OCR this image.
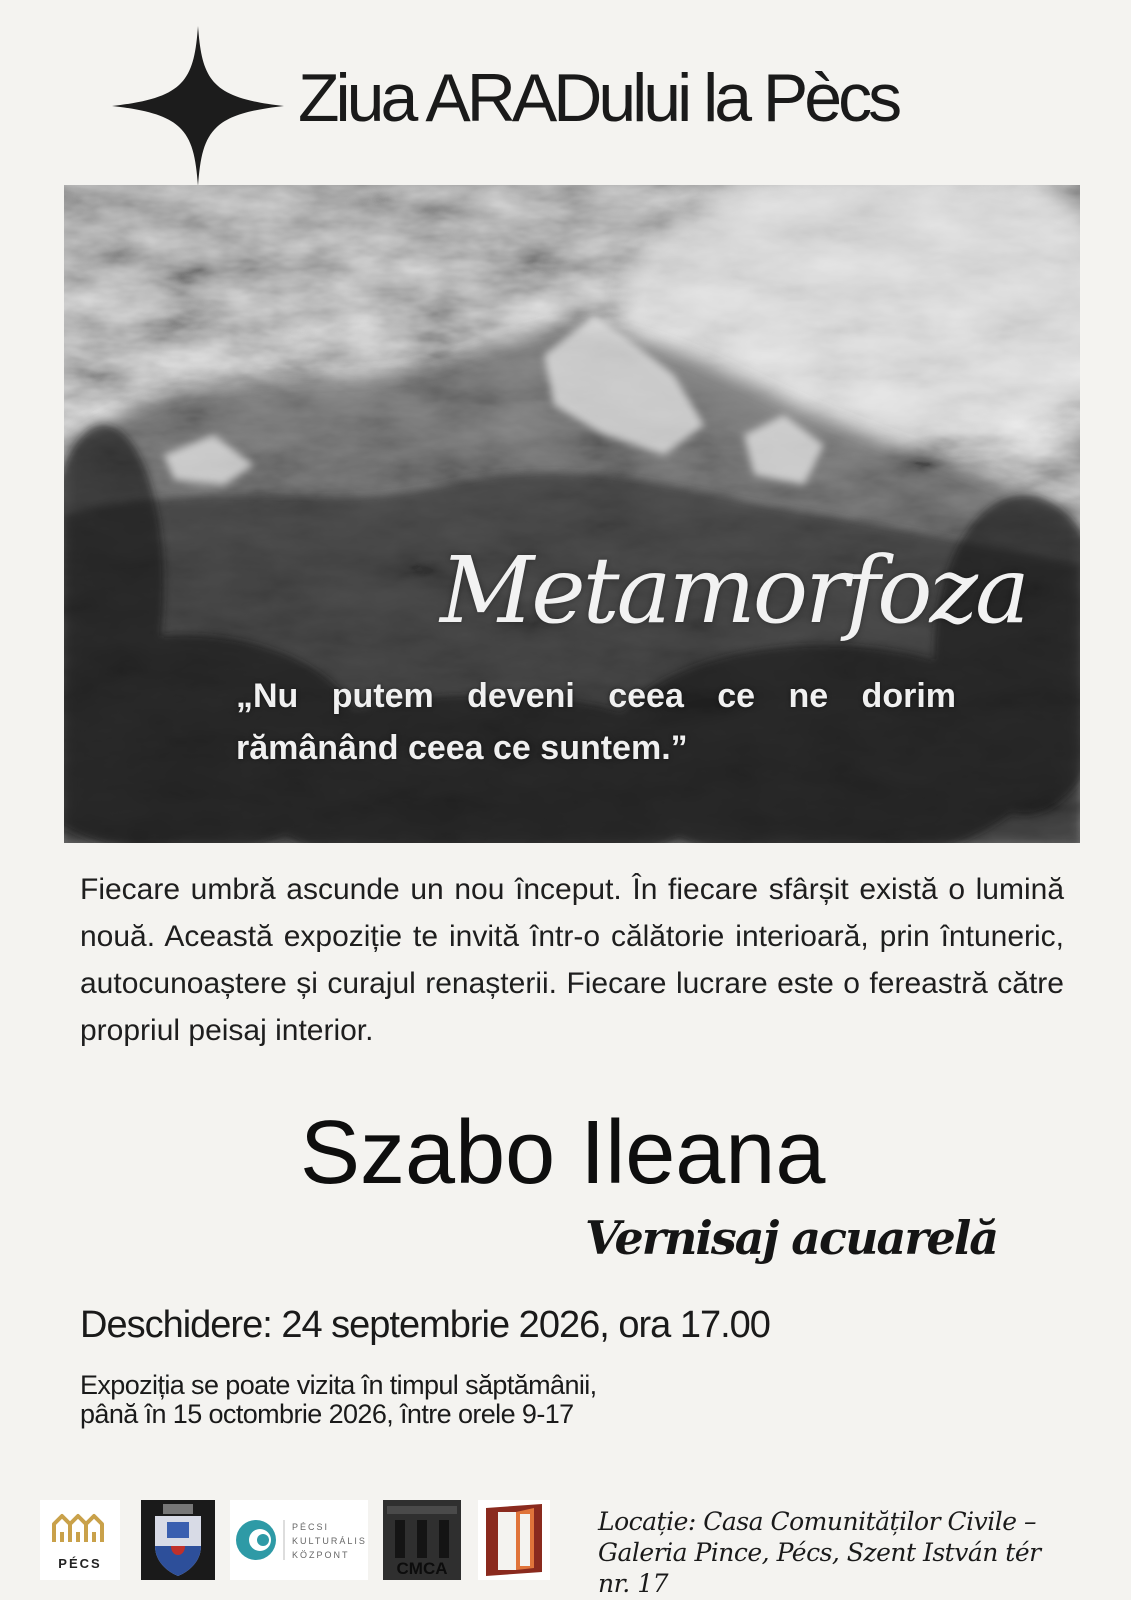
Ziua ARADului la Pècs
Metamorfoza
„Nu putem deveni ceea ce ne dorim rămânând ceea ce suntem.”
Fiecare umbră ascunde un nou început. În fiecare sfârșit există o lumină nouă. Această expoziție te invită într-o călătorie interioară, prin întuneric, autocunoaștere și curajul renașterii. Fiecare lucrare este o fereastră către propriul peisaj interior.
Szabo Ileana
Vernisaj acuarelă
Deschidere: 24 septembrie 2026, ora 17.00
Expoziția se poate vizita în timpul săptămânii,
până în 15 octombrie 2026, între orele 9-17
PÉCS
PÉCSI
KULTURÁLIS
KÖZPONT
CMCA
Locație: Casa Comunităților Civile – Galeria Pince, Pécs, Szent István tér nr. 17
